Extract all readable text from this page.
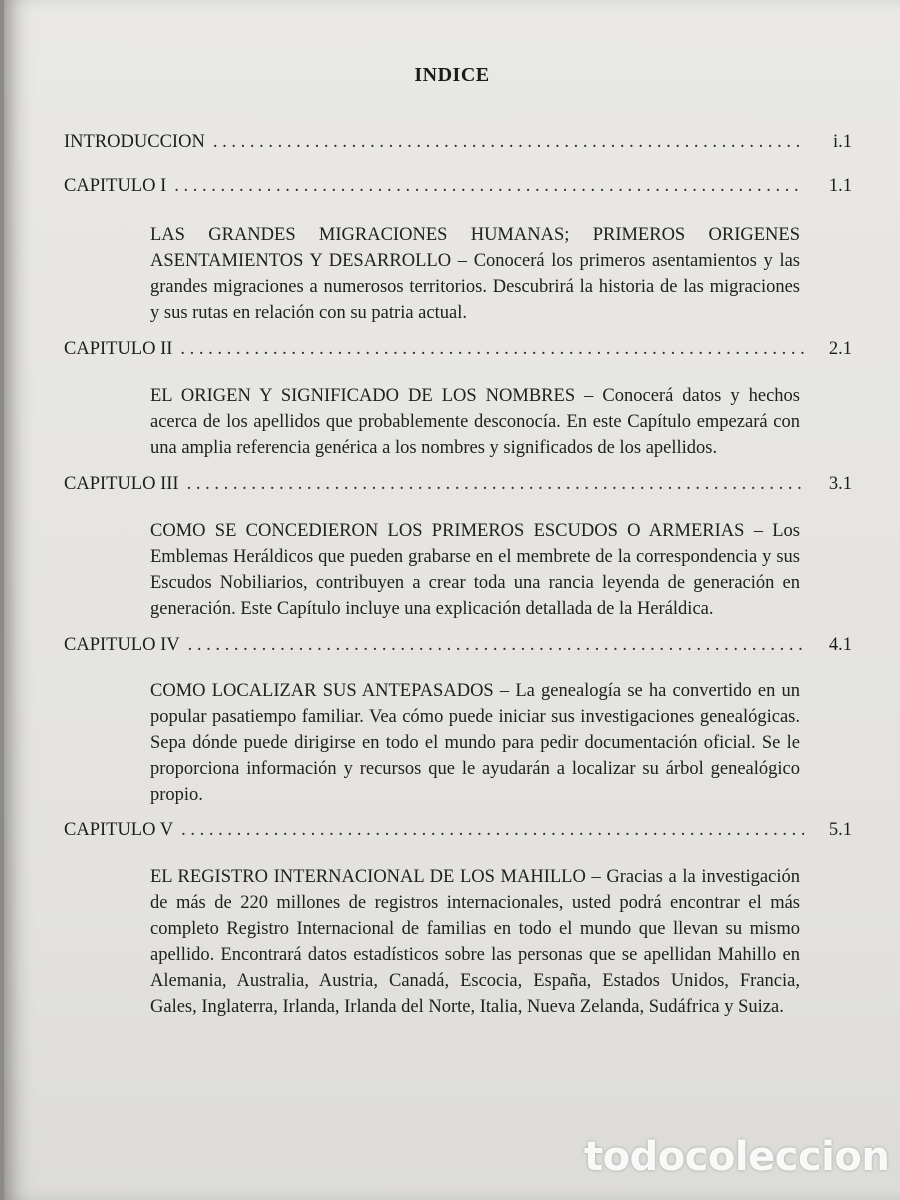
INDICE
INTRODUCCION . . .	i.1
CAPITULO I . . .	1.1

LAS GRANDES MIGRACIONES HUMANAS; PRIMEROS ORIGENES ASENTAMIENTOS Y DESARROLLO – Conocerá los primeros asentamientos y las grandes migraciones a numerosos territorios. Descubrirá la historia de las migraciones y sus rutas en relación con su patria actual.

CAPITULO II . . .	2.1

EL ORIGEN Y SIGNIFICADO DE LOS NOMBRES – Conocerá datos y hechos acerca de los apellidos que probablemente desconocía. En este Capítulo empezará con una amplia referencia genérica a los nombres y significados de los apellidos.

CAPITULO III . . .	3.1

COMO SE CONCEDIERON LOS PRIMEROS ESCUDOS O ARMERIAS – Los Emblemas Heráldicos que pueden grabarse en el membrete de la correspondencia y sus Escudos Nobiliarios, contribuyen a crear toda una rancia leyenda de generación en generación. Este Capítulo incluye una explicación detallada de la Heráldica.

CAPITULO IV . . .	4.1

COMO LOCALIZAR SUS ANTEPASADOS – La genealogía se ha convertido en un popular pasatiempo familiar. Vea cómo puede iniciar sus investigaciones genealógicas. Sepa dónde puede dirigirse en todo el mundo para pedir documentación oficial. Se le proporciona información y recursos que le ayudarán a localizar su árbol genealógico propio.

CAPITULO V . . .	5.1

EL REGISTRO INTERNACIONAL DE LOS MAHILLO – Gracias a la investigación de más de 220 millones de registros internacionales, usted podrá encontrar el más completo Registro Internacional de familias en todo el mundo que llevan su mismo apellido. Encontrará datos estadísticos sobre las personas que se apellidan Mahillo en Alemania, Australia, Austria, Canadá, Escocia, España, Estados Unidos, Francia, Gales, Inglaterra, Irlanda, Irlanda del Norte, Italia, Nueva Zelanda, Sudáfrica y Suiza.

todocoleccion
